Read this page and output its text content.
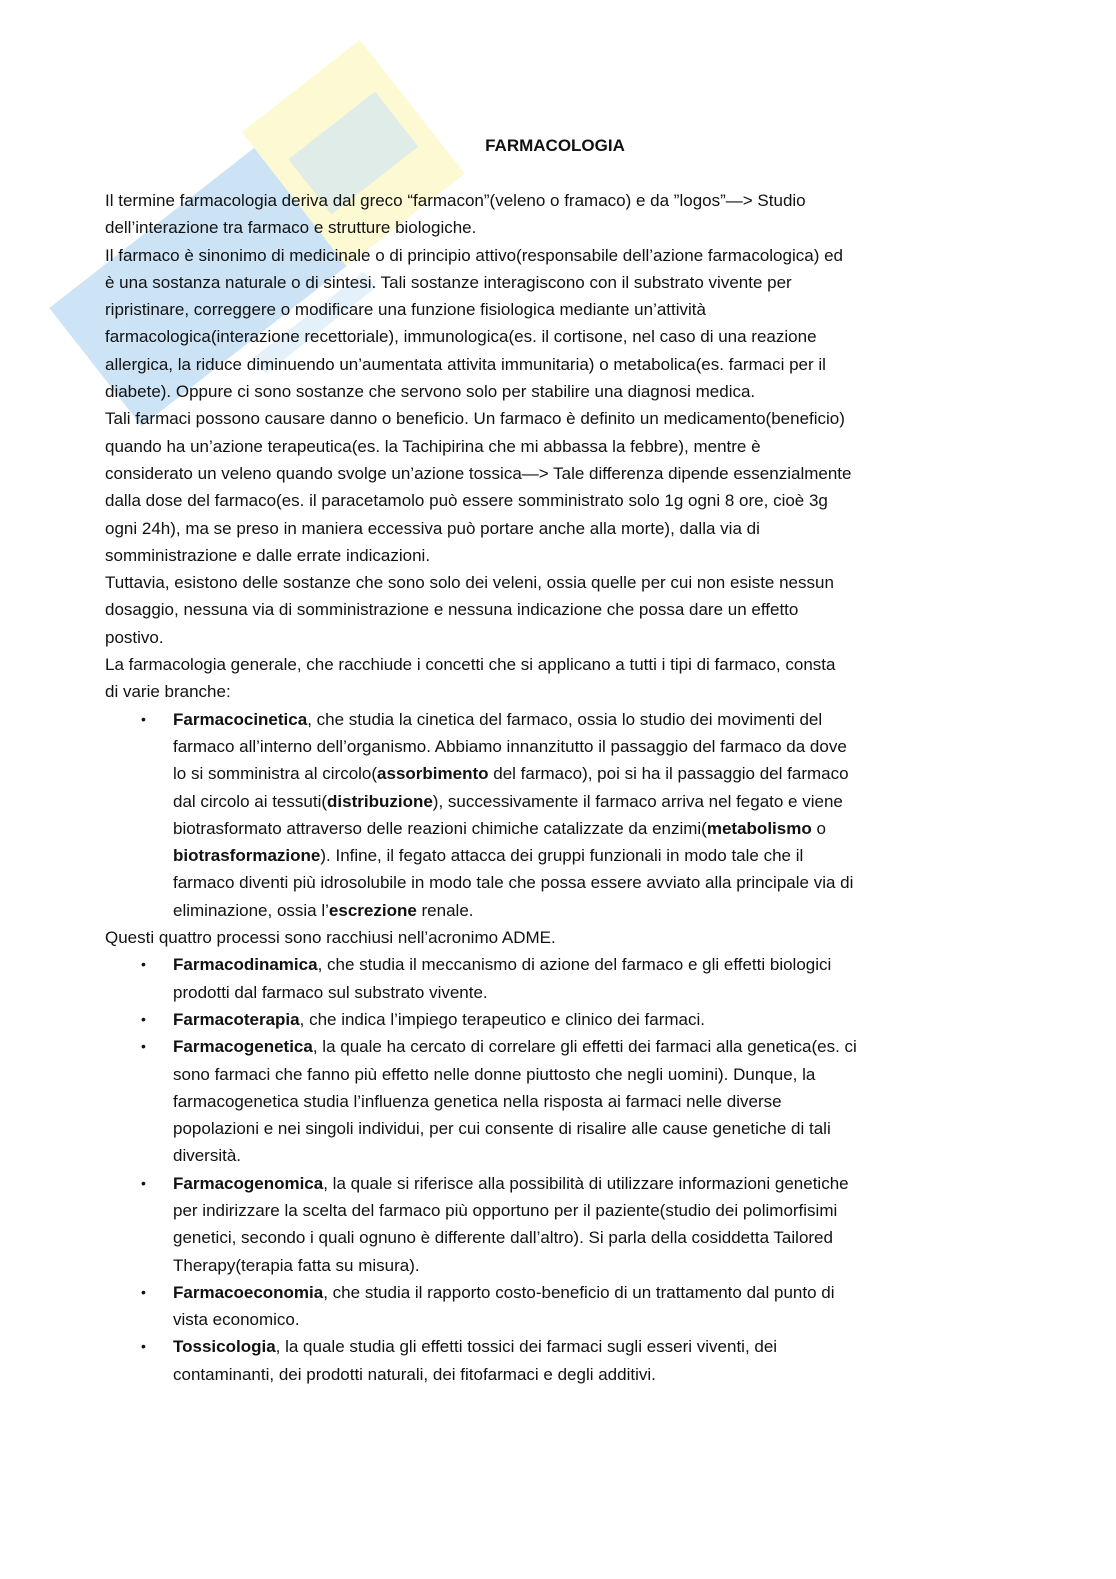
FARMACOLOGIA
Il termine farmacologia deriva dal greco “farmacon”(veleno o framaco) e da ”logos”—> Studio
dell’interazione tra farmaco e strutture biologiche.
Il farmaco è sinonimo di medicinale o di principio attivo(responsabile dell’azione farmacologica) ed
è una sostanza naturale o di sintesi. Tali sostanze interagiscono con il substrato vivente per
ripristinare, correggere o modificare una funzione fisiologica mediante un’attività
farmacologica(interazione recettoriale), immunologica(es. il cortisone, nel caso di una reazione
allergica, la riduce diminuendo un’aumentata attivita immunitaria) o metabolica(es. farmaci per il
diabete). Oppure ci sono sostanze che servono solo per stabilire una diagnosi medica.
Tali farmaci possono causare danno o beneficio. Un farmaco è definito un medicamento(beneficio)
quando ha un’azione terapeutica(es. la Tachipirina che mi abbassa la febbre), mentre è
considerato un veleno quando svolge un’azione tossica—> Tale differenza dipende essenzialmente
dalla dose del farmaco(es. il paracetamolo può essere somministrato solo 1g ogni 8 ore, cioè 3g
ogni 24h), ma se preso in maniera eccessiva può portare anche alla morte), dalla via di
somministrazione e dalle errate indicazioni.
Tuttavia, esistono delle sostanze che sono solo dei veleni, ossia quelle per cui non esiste nessun
dosaggio, nessuna via di somministrazione e nessuna indicazione che possa dare un effetto
postivo.
La farmacologia generale, che racchiude i concetti che si applicano a tutti i tipi di farmaco, consta
di varie branche:
• Farmacocinetica, che studia la cinetica del farmaco, ossia lo studio dei movimenti del
farmaco all’interno dell’organismo. Abbiamo innanzitutto il passaggio del farmaco da dove
lo si somministra al circolo(assorbimento del farmaco), poi si ha il passaggio del farmaco
dal circolo ai tessuti(distribuzione), successivamente il farmaco arriva nel fegato e viene
biotrasformato attraverso delle reazioni chimiche catalizzate da enzimi(metabolismo o
biotrasformazione). Infine, il fegato attacca dei gruppi funzionali in modo tale che il
farmaco diventi più idrosolubile in modo tale che possa essere avviato alla principale via di
eliminazione, ossia l’escrezione renale.
Questi quattro processi sono racchiusi nell’acronimo ADME.
• Farmacodinamica, che studia il meccanismo di azione del farmaco e gli effetti biologici
prodotti dal farmaco sul substrato vivente.
• Farmacoterapia, che indica l’impiego terapeutico e clinico dei farmaci.
• Farmacogenetica, la quale ha cercato di correlare gli effetti dei farmaci alla genetica(es. ci
sono farmaci che fanno più effetto nelle donne piuttosto che negli uomini). Dunque, la
farmacogenetica studia l’influenza genetica nella risposta ai farmaci nelle diverse
popolazioni e nei singoli individui, per cui consente di risalire alle cause genetiche di tali
diversità.
• Farmacogenomica, la quale si riferisce alla possibilità di utilizzare informazioni genetiche
per indirizzare la scelta del farmaco più opportuno per il paziente(studio dei polimorfisimi
genetici, secondo i quali ognuno è differente dall’altro). Si parla della cosiddetta Tailored
Therapy(terapia fatta su misura).
• Farmacoeconomia, che studia il rapporto costo-beneficio di un trattamento dal punto di
vista economico.
• Tossicologia, la quale studia gli effetti tossici dei farmaci sugli esseri viventi, dei
contaminanti, dei prodotti naturali, dei fitofarmaci e degli additivi.
